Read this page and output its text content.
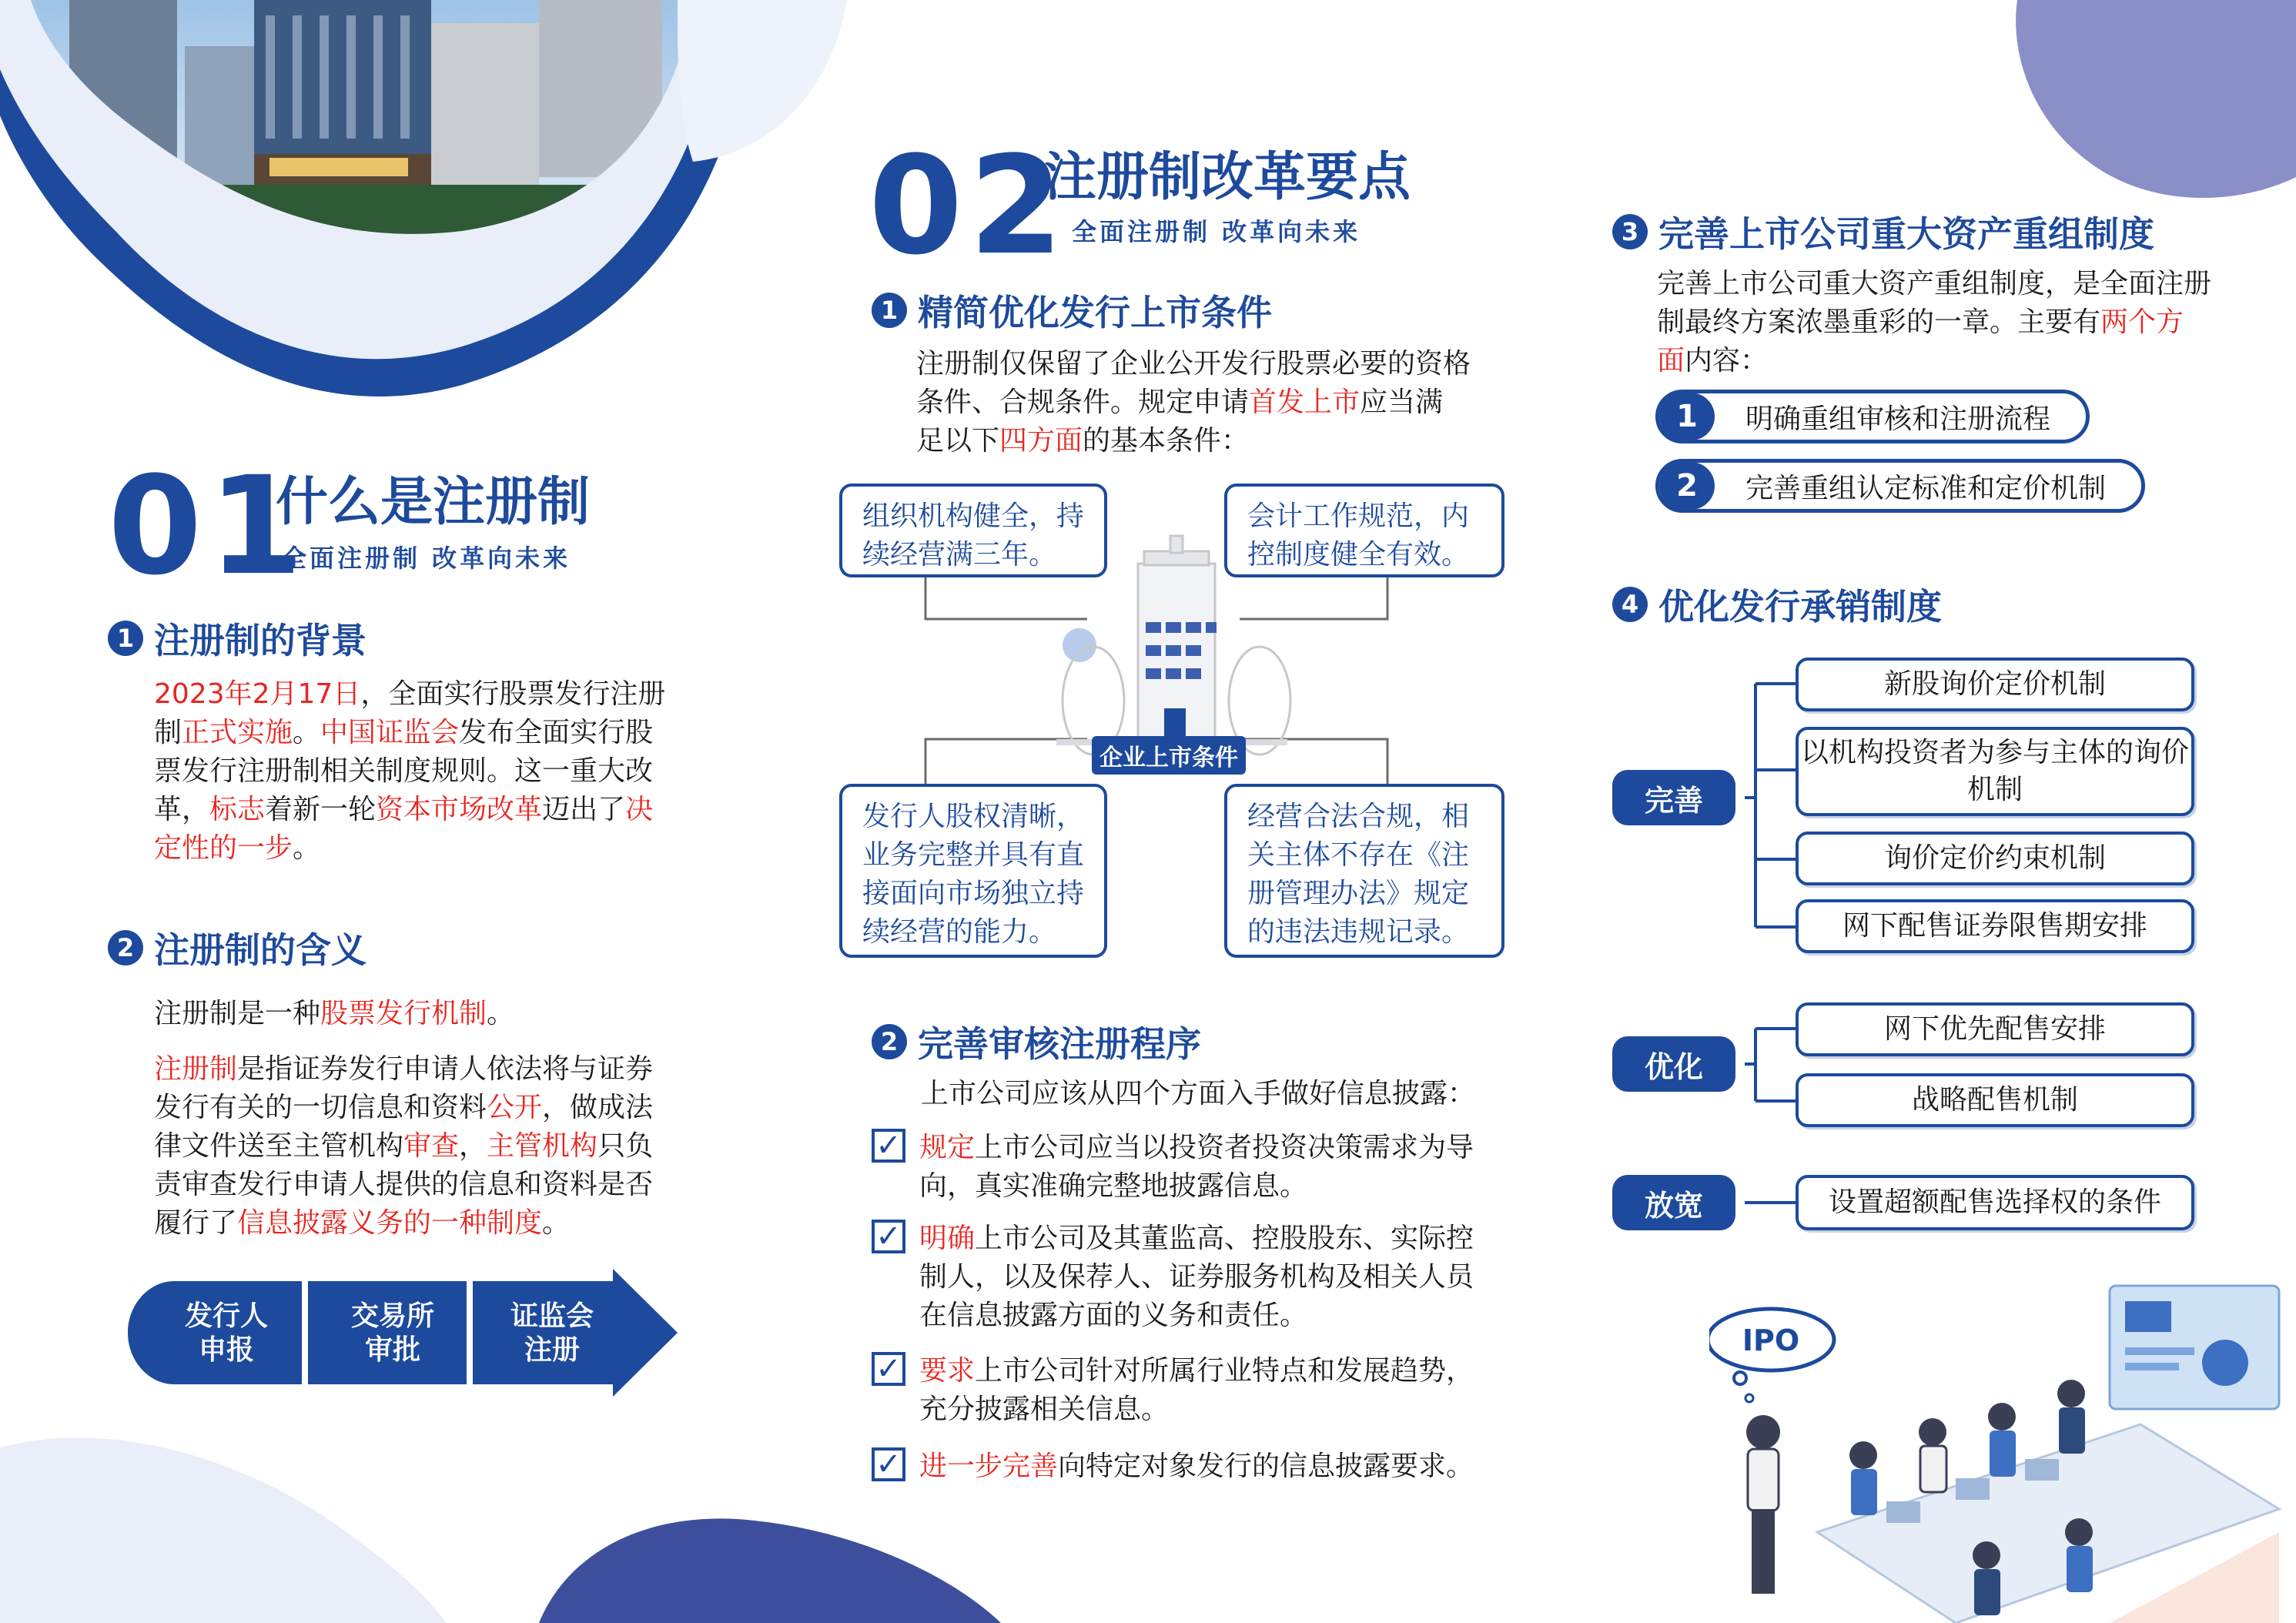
01
什么是注册制
全面注册制 改革向未来
1 注册制的背景
2023年2月17日，全面实行股票发行注册制正式实施。中国证监会发布全面实行股票发行注册制相关制度规则。这一重大改革，标志着新一轮资本市场改革迈出了决定性的一步。
2 注册制的含义
注册制是一种股票发行机制。
注册制是指证券发行申请人依法将与证券发行有关的一切信息和资料公开，做成法律文件送至主管机构审查，主管机构只负责审查发行申请人提供的信息和资料是否履行了信息披露义务的一种制度。
发行人
申报
交易所
审批
证监会
注册
02
注册制改革要点
全面注册制 改革向未来
1 精简优化发行上市条件
注册制仅保留了企业公开发行股票必要的资格条件、合规条件。规定申请首发上市应当满足以下四方面的基本条件：
企业上市条件
组织机构健全，持续经营满三年。
会计工作规范，内控制度健全有效。
发行人股权清晰，业务完整并具有直接面向市场独立持续经营的能力。
经营合法合规，相关主体不存在《注册管理办法》规定的违法违规记录。
2 完善审核注册程序
上市公司应该从四个方面入手做好信息披露：
✓ 规定上市公司应当以投资者投资决策需求为导向，真实准确完整地披露信息。
✓ 明确上市公司及其董监高、控股股东、实际控制人，以及保荐人、证券服务机构及相关人员在信息披露方面的义务和责任。
✓ 要求上市公司针对所属行业特点和发展趋势，充分披露相关信息。
✓ 进一步完善向特定对象发行的信息披露要求。
3 完善上市公司重大资产重组制度
完善上市公司重大资产重组制度，是全面注册制最终方案浓墨重彩的一章。主要有两个方面内容：
1	明确重组审核和注册流程
2	完善重组认定标准和定价机制
4 优化发行承销制度
完善
新股询价定价机制
以机构投资者为参与主体的询价机制
询价定价约束机制
网下配售证券限售期安排
优化
网下优先配售安排
战略配售机制
放宽	设置超额配售选择权的条件
IPO
